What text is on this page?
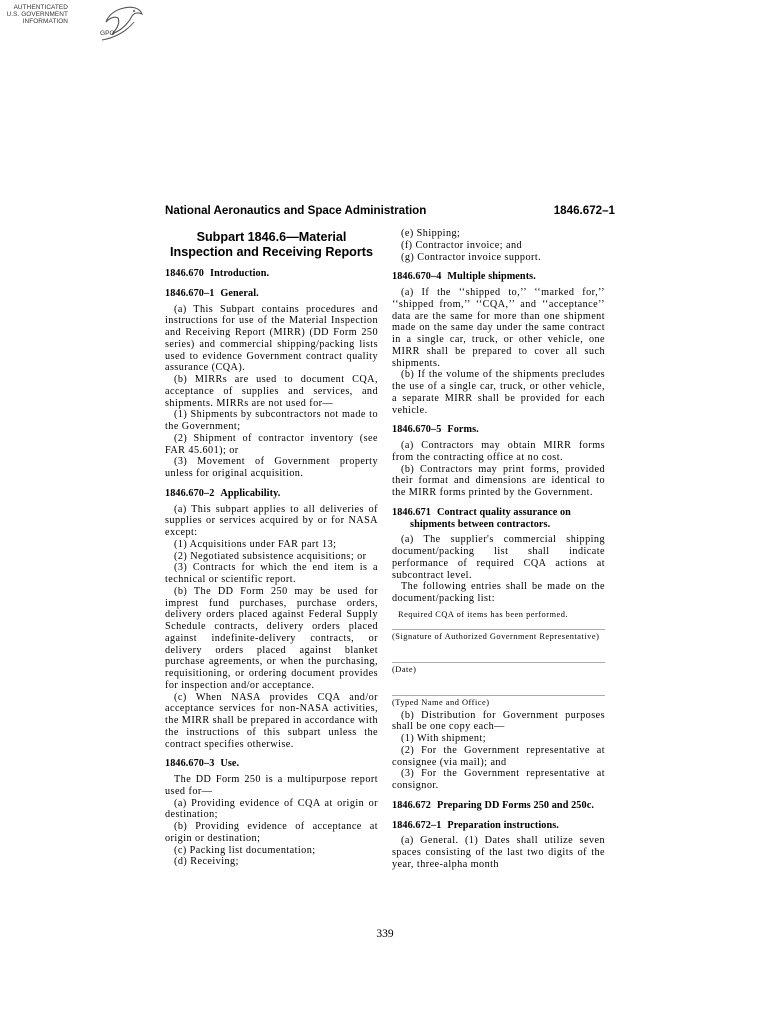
AUTHENTICATED
U.S. GOVERNMENT
INFORMATION
GPO
National Aeronautics and Space Administration	1846.672–1
Subpart 1846.6—Material
Inspection and Receiving Reports
1846.670 Introduction.
1846.670–1 General.

(a) This Subpart contains procedures and instructions for use of the Material Inspection and Receiving Report (MIRR) (DD Form 250 series) and commercial shipping/packing lists used to evidence Government contract quality assurance (CQA).

(b) MIRRs are used to document CQA, acceptance of supplies and services, and shipments. MIRRs are not used for—

(1) Shipments by subcontractors not made to the Government;

(2) Shipment of contractor inventory (see FAR 45.601); or

(3) Movement of Government property unless for original acquisition.

1846.670–2 Applicability.

(a) This subpart applies to all deliveries of supplies or services acquired by or for NASA except:

(1) Acquisitions under FAR part 13;

(2) Negotiated subsistence acquisitions; or

(3) Contracts for which the end item is a technical or scientific report.

(b) The DD Form 250 may be used for imprest fund purchases, purchase orders, delivery orders placed against Federal Supply Schedule contracts, delivery orders placed against indefinite-delivery contracts, or delivery orders placed against blanket purchase agreements, or when the purchasing, requisitioning, or ordering document provides for inspection and/or acceptance.

(c) When NASA provides CQA and/or acceptance services for non-NASA activities, the MIRR shall be prepared in accordance with the instructions of this subpart unless the contract specifies otherwise.

1846.670–3 Use.

The DD Form 250 is a multipurpose report used for—

(a) Providing evidence of CQA at origin or destination;

(b) Providing evidence of acceptance at origin or destination;

(c) Packing list documentation;

(d) Receiving;

(e) Shipping;

(f) Contractor invoice; and

(g) Contractor invoice support.

1846.670–4 Multiple shipments.

(a) If the ‘‘shipped to,’’ ‘‘marked for,’’ ‘‘shipped from,’’ ‘‘CQA,’’ and ‘‘acceptance’’ data are the same for more than one shipment made on the same day under the same contract in a single car, truck, or other vehicle, one MIRR shall be prepared to cover all such shipments.

(b) If the volume of the shipments precludes the use of a single car, truck, or other vehicle, a separate MIRR shall be provided for each vehicle.

1846.670–5 Forms.

(a) Contractors may obtain MIRR forms from the contracting office at no cost.

(b) Contractors may print forms, provided their format and dimensions are identical to the MIRR forms printed by the Government.

1846.671 Contract quality assurance on shipments between contractors.

(a) The supplier's commercial shipping document/packing list shall indicate performance of required CQA actions at subcontract level.

The following entries shall be made on the document/packing list:

Required CQA of items has been performed.

(Signature of Authorized Government Representative)
(Date)
(Typed Name and Office)

(b) Distribution for Government purposes shall be one copy each—

(1) With shipment;

(2) For the Government representative at consignee (via mail); and

(3) For the Government representative at consignor.

1846.672 Preparing DD Forms 250 and 250c.
1846.672–1 Preparation instructions.

(a) General. (1) Dates shall utilize seven spaces consisting of the last two digits of the year, three-alpha month

339
